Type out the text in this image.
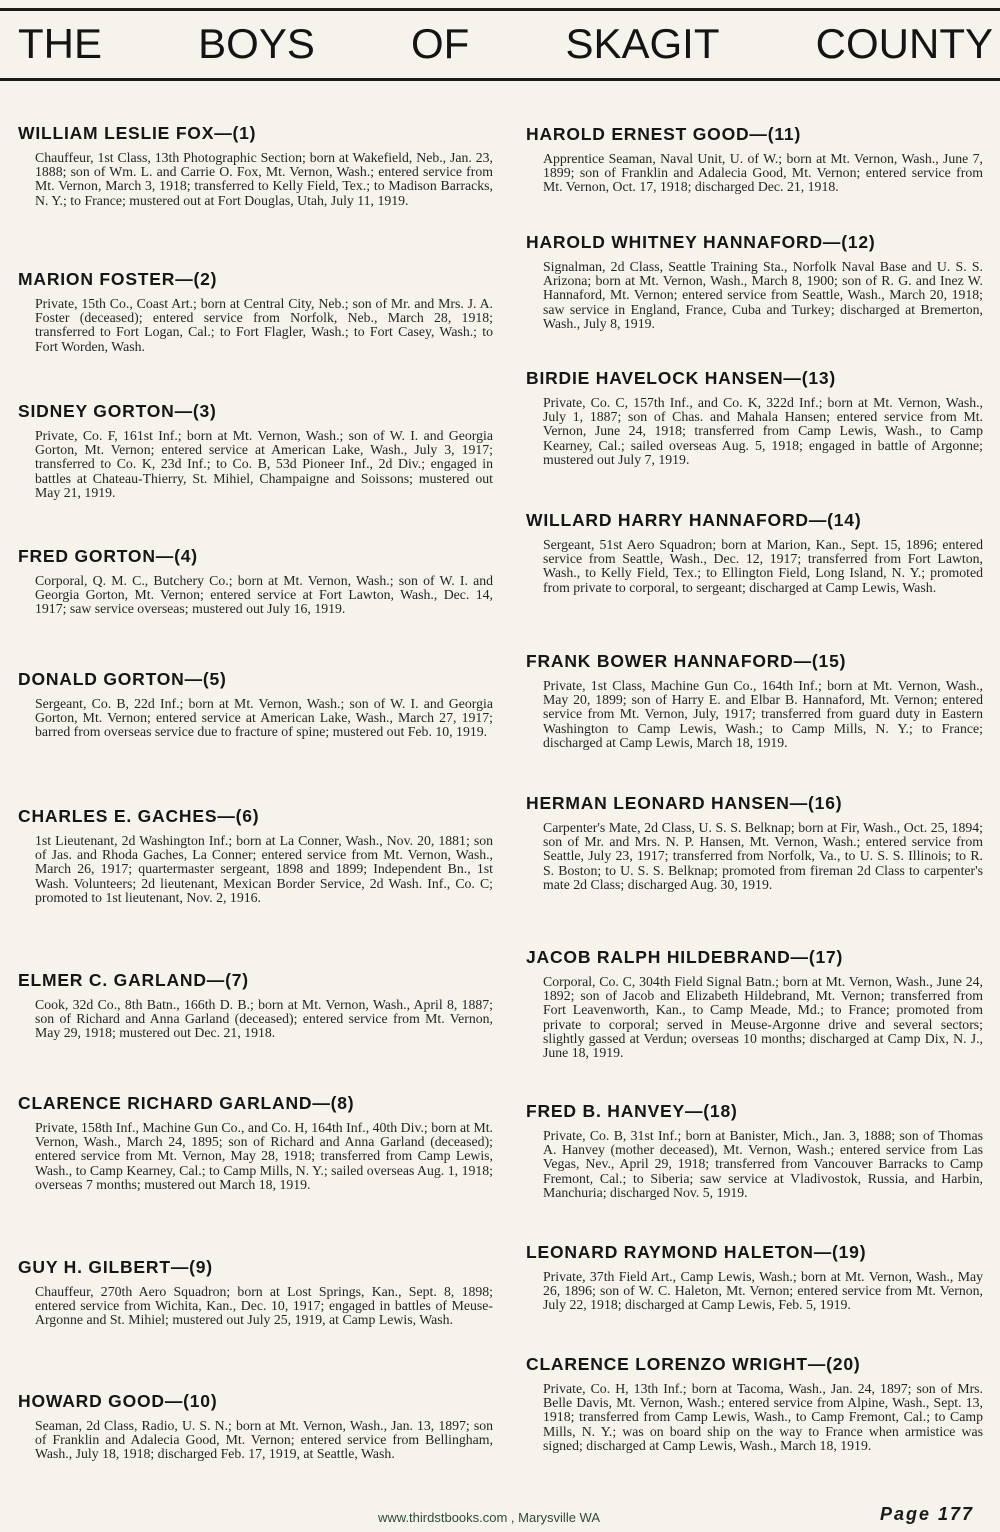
THE BOYS OF SKAGIT COUNTY
WILLIAM LESLIE FOX—(1)
Chauffeur, 1st Class, 13th Photographic Section; born at Wakefield, Neb., Jan. 23, 1888; son of Wm. L. and Carrie O. Fox, Mt. Vernon, Wash.; entered service from Mt. Vernon, March 3, 1918; transferred to Kelly Field, Tex.; to Madison Barracks, N. Y.; to France; mustered out at Fort Douglas, Utah, July 11, 1919.
MARION FOSTER—(2)
Private, 15th Co., Coast Art.; born at Central City, Neb.; son of Mr. and Mrs. J. A. Foster (deceased); entered service from Norfolk, Neb., March 28, 1918; transferred to Fort Logan, Cal.; to Fort Flagler, Wash.; to Fort Casey, Wash.; to Fort Worden, Wash.
SIDNEY GORTON—(3)
Private, Co. F, 161st Inf.; born at Mt. Vernon, Wash.; son of W. I. and Georgia Gorton, Mt. Vernon; entered service at American Lake, Wash., July 3, 1917; transferred to Co. K, 23d Inf.; to Co. B, 53d Pioneer Inf., 2d Div.; engaged in battles at Chateau-Thierry, St. Mihiel, Champaigne and Soissons; mustered out May 21, 1919.
FRED GORTON—(4)
Corporal, Q. M. C., Butchery Co.; born at Mt. Vernon, Wash.; son of W. I. and Georgia Gorton, Mt. Vernon; entered service at Fort Lawton, Wash., Dec. 14, 1917; saw service overseas; mustered out July 16, 1919.
DONALD GORTON—(5)
Sergeant, Co. B, 22d Inf.; born at Mt. Vernon, Wash.; son of W. I. and Georgia Gorton, Mt. Vernon; entered service at American Lake, Wash., March 27, 1917; barred from overseas service due to fracture of spine; mustered out Feb. 10, 1919.
CHARLES E. GACHES—(6)
1st Lieutenant, 2d Washington Inf.; born at La Conner, Wash., Nov. 20, 1881; son of Jas. and Rhoda Gaches, La Conner; entered service from Mt. Vernon, Wash., March 26, 1917; quartermaster sergeant, 1898 and 1899; Independent Bn., 1st Wash. Volunteers; 2d lieutenant, Mexican Border Service, 2d Wash. Inf., Co. C; promoted to 1st lieutenant, Nov. 2, 1916.
ELMER C. GARLAND—(7)
Cook, 32d Co., 8th Batn., 166th D. B.; born at Mt. Vernon, Wash., April 8, 1887; son of Richard and Anna Garland (deceased); entered service from Mt. Vernon, May 29, 1918; mustered out Dec. 21, 1918.
CLARENCE RICHARD GARLAND—(8)
Private, 158th Inf., Machine Gun Co., and Co. H, 164th Inf., 40th Div.; born at Mt. Vernon, Wash., March 24, 1895; son of Richard and Anna Garland (deceased); entered service from Mt. Vernon, May 28, 1918; transferred from Camp Lewis, Wash., to Camp Kearney, Cal.; to Camp Mills, N. Y.; sailed overseas Aug. 1, 1918; overseas 7 months; mustered out March 18, 1919.
GUY H. GILBERT—(9)
Chauffeur, 270th Aero Squadron; born at Lost Springs, Kan., Sept. 8, 1898; entered service from Wichita, Kan., Dec. 10, 1917; engaged in battles of Meuse-Argonne and St. Mihiel; mustered out July 25, 1919, at Camp Lewis, Wash.
HOWARD GOOD—(10)
Seaman, 2d Class, Radio, U. S. N.; born at Mt. Vernon, Wash., Jan. 13, 1897; son of Franklin and Adalecia Good, Mt. Vernon; entered service from Bellingham, Wash., July 18, 1918; discharged Feb. 17, 1919, at Seattle, Wash.
HAROLD ERNEST GOOD—(11)
Apprentice Seaman, Naval Unit, U. of W.; born at Mt. Vernon, Wash., June 7, 1899; son of Franklin and Adalecia Good, Mt. Vernon; entered service from Mt. Vernon, Oct. 17, 1918; discharged Dec. 21, 1918.
HAROLD WHITNEY HANNAFORD—(12)
Signalman, 2d Class, Seattle Training Sta., Norfolk Naval Base and U. S. S. Arizona; born at Mt. Vernon, Wash., March 8, 1900; son of R. G. and Inez W. Hannaford, Mt. Vernon; entered service from Seattle, Wash., March 20, 1918; saw service in England, France, Cuba and Turkey; discharged at Bremerton, Wash., July 8, 1919.
BIRDIE HAVELOCK HANSEN—(13)
Private, Co. C, 157th Inf., and Co. K, 322d Inf.; born at Mt. Vernon, Wash., July 1, 1887; son of Chas. and Mahala Hansen; entered service from Mt. Vernon, June 24, 1918; transferred from Camp Lewis, Wash., to Camp Kearney, Cal.; sailed overseas Aug. 5, 1918; engaged in battle of Argonne; mustered out July 7, 1919.
WILLARD HARRY HANNAFORD—(14)
Sergeant, 51st Aero Squadron; born at Marion, Kan., Sept. 15, 1896; entered service from Seattle, Wash., Dec. 12, 1917; transferred from Fort Lawton, Wash., to Kelly Field, Tex.; to Ellington Field, Long Island, N. Y.; promoted from private to corporal, to sergeant; discharged at Camp Lewis, Wash.
FRANK BOWER HANNAFORD—(15)
Private, 1st Class, Machine Gun Co., 164th Inf.; born at Mt. Vernon, Wash., May 20, 1899; son of Harry E. and Elbar B. Hannaford, Mt. Vernon; entered service from Mt. Vernon, July, 1917; transferred from guard duty in Eastern Washington to Camp Lewis, Wash.; to Camp Mills, N. Y.; to France; discharged at Camp Lewis, March 18, 1919.
HERMAN LEONARD HANSEN—(16)
Carpenter's Mate, 2d Class, U. S. S. Belknap; born at Fir, Wash., Oct. 25, 1894; son of Mr. and Mrs. N. P. Hansen, Mt. Vernon, Wash.; entered service from Seattle, July 23, 1917; transferred from Norfolk, Va., to U. S. S. Illinois; to R. S. Boston; to U. S. S. Belknap; promoted from fireman 2d Class to carpenter's mate 2d Class; discharged Aug. 30, 1919.
JACOB RALPH HILDEBRAND—(17)
Corporal, Co. C, 304th Field Signal Batn.; born at Mt. Vernon, Wash., June 24, 1892; son of Jacob and Elizabeth Hildebrand, Mt. Vernon; transferred from Fort Leavenworth, Kan., to Camp Meade, Md.; to France; promoted from private to corporal; served in Meuse-Argonne drive and several sectors; slightly gassed at Verdun; overseas 10 months; discharged at Camp Dix, N. J., June 18, 1919.
FRED B. HANVEY—(18)
Private, Co. B, 31st Inf.; born at Banister, Mich., Jan. 3, 1888; son of Thomas A. Hanvey (mother deceased), Mt. Vernon, Wash.; entered service from Las Vegas, Nev., April 29, 1918; transferred from Vancouver Barracks to Camp Fremont, Cal.; to Siberia; saw service at Vladivostok, Russia, and Harbin, Manchuria; discharged Nov. 5, 1919.
LEONARD RAYMOND HALETON—(19)
Private, 37th Field Art., Camp Lewis, Wash.; born at Mt. Vernon, Wash., May 26, 1896; son of W. C. Haleton, Mt. Vernon; entered service from Mt. Vernon, July 22, 1918; discharged at Camp Lewis, Feb. 5, 1919.
CLARENCE LORENZO WRIGHT—(20)
Private, Co. H, 13th Inf.; born at Tacoma, Wash., Jan. 24, 1897; son of Mrs. Belle Davis, Mt. Vernon, Wash.; entered service from Alpine, Wash., Sept. 13, 1918; transferred from Camp Lewis, Wash., to Camp Fremont, Cal.; to Camp Mills, N. Y.; was on board ship on the way to France when armistice was signed; discharged at Camp Lewis, Wash., March 18, 1919.
www.thirdstbooks.com , Marysville WA	Page 177
